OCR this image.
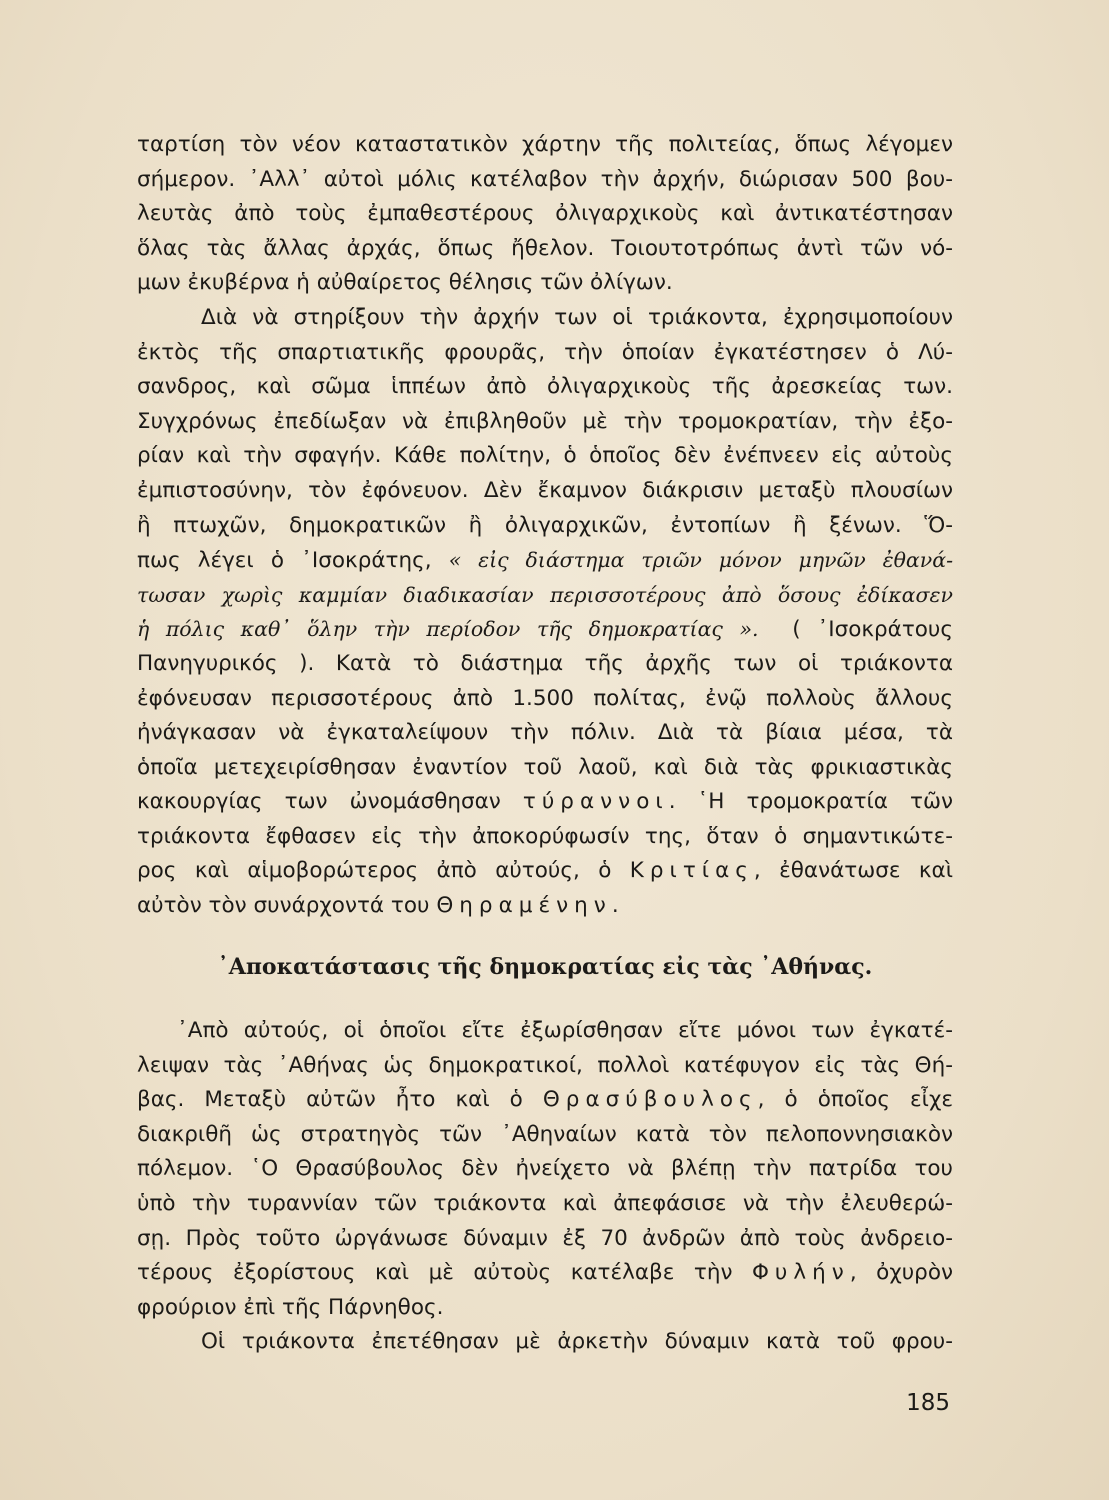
ταρτίση τὸν νέον καταστατικὸν χάρτην τῆς πολιτείας, ὅπως λέγομεν
σήμερον. ᾿Αλλ᾿ αὐτοὶ μόλις κατέλαβον τὴν ἀρχήν, διώρισαν 500 βου-
λευτὰς ἀπὸ τοὺς ἐμπαθεστέρους ὀλιγαρχικοὺς καὶ ἀντικατέστησαν
ὅλας τὰς ἄλλας ἀρχάς, ὅπως ἤθελον. Τοιουτοτρόπως ἀντὶ τῶν νό-
μων ἐκυβέρνα ἡ αὐθαίρετος θέλησις τῶν ὀλίγων.
Διὰ νὰ στηρίξουν τὴν ἀρχήν των οἱ τριάκοντα, ἐχρησιμοποίουν
ἐκτὸς τῆς σπαρτιατικῆς φρουρᾶς, τὴν ὁποίαν ἐγκατέστησεν ὁ Λύ-
σανδρος, καὶ σῶμα ἱππέων ἀπὸ ὀλιγαρχικοὺς τῆς ἀρεσκείας των.
Συγχρόνως ἐπεδίωξαν νὰ ἐπιβληθοῦν μὲ τὴν τρομοκρατίαν, τὴν ἐξο-
ρίαν καὶ τὴν σφαγήν. Κάθε πολίτην, ὁ ὁποῖος δὲν ἐνέπνεεν εἰς αὐτοὺς
ἐμπιστοσύνην, τὸν ἐφόνευον. Δὲν ἔκαμνον διάκρισιν μεταξὺ πλουσίων
ἢ πτωχῶν, δημοκρατικῶν ἢ ὀλιγαρχικῶν, ἐντοπίων ἢ ξένων. Ὅ-
πως λέγει ὁ ᾿Ισοκράτης, « εἰς διάστημα τριῶν μόνον μηνῶν ἐθανά-
τωσαν χωρὶς καμμίαν διαδικασίαν περισσοτέρους ἀπὸ ὅσους ἐδίκασεν
ἡ πόλις καθ᾿ ὅλην τὴν περίοδον τῆς δημοκρατίας ».  ( ᾿Ισοκράτους
Πανηγυρικός ). Κατὰ τὸ διάστημα τῆς ἀρχῆς των οἱ τριάκοντα
ἐφόνευσαν περισσοτέρους ἀπὸ 1.500 πολίτας, ἐνῷ πολλοὺς ἄλλους
ἠνάγκασαν νὰ ἐγκαταλείψουν τὴν πόλιν. Διὰ τὰ βίαια μέσα, τὰ
ὁποῖα μετεχειρίσθησαν ἐναντίον τοῦ λαοῦ, καὶ διὰ τὰς φρικιαστικὰς
κακουργίας των ὠνομάσθησαν τύραννοι. ῾Η τρομοκρατία τῶν
τριάκοντα ἔφθασεν εἰς τὴν ἀποκορύφωσίν της, ὅταν ὁ σημαντικώτε-
ρος καὶ αἱμοβορώτερος ἀπὸ αὐτούς, ὁ Κριτίας, ἐθανάτωσε καὶ
αὐτὸν τὸν συνάρχοντά του Θηραμένην.
᾿Αποκατάστασις τῆς δημοκρατίας εἰς τὰς ᾿Αθήνας.
᾿Απὸ αὐτούς, οἱ ὁποῖοι εἴτε ἐξωρίσθησαν εἴτε μόνοι των ἐγκατέ-
λειψαν τὰς ᾿Αθήνας ὡς δημοκρατικοί, πολλοὶ κατέφυγον εἰς τὰς Θή-
βας. Μεταξὺ αὐτῶν ἦτο καὶ ὁ Θρασύβουλος, ὁ ὁποῖος εἶχε
διακριθῆ ὡς στρατηγὸς τῶν ᾿Αθηναίων κατὰ τὸν πελοποννησιακὸν
πόλεμον. ῾Ο Θρασύβουλος δὲν ἠνείχετο νὰ βλέπῃ τὴν πατρίδα του
ὑπὸ τὴν τυραννίαν τῶν τριάκοντα καὶ ἀπεφάσισε νὰ τὴν ἐλευθερώ-
σῃ. Πρὸς τοῦτο ὠργάνωσε δύναμιν ἐξ 70 ἀνδρῶν ἀπὸ τοὺς ἀνδρειο-
τέρους ἐξορίστους καὶ μὲ αὐτοὺς κατέλαβε τὴν Φυλήν, ὀχυρὸν
φρούριον ἐπὶ τῆς Πάρνηθος.
Οἱ τριάκοντα ἐπετέθησαν μὲ ἀρκετὴν δύναμιν κατὰ τοῦ φρου-
185
